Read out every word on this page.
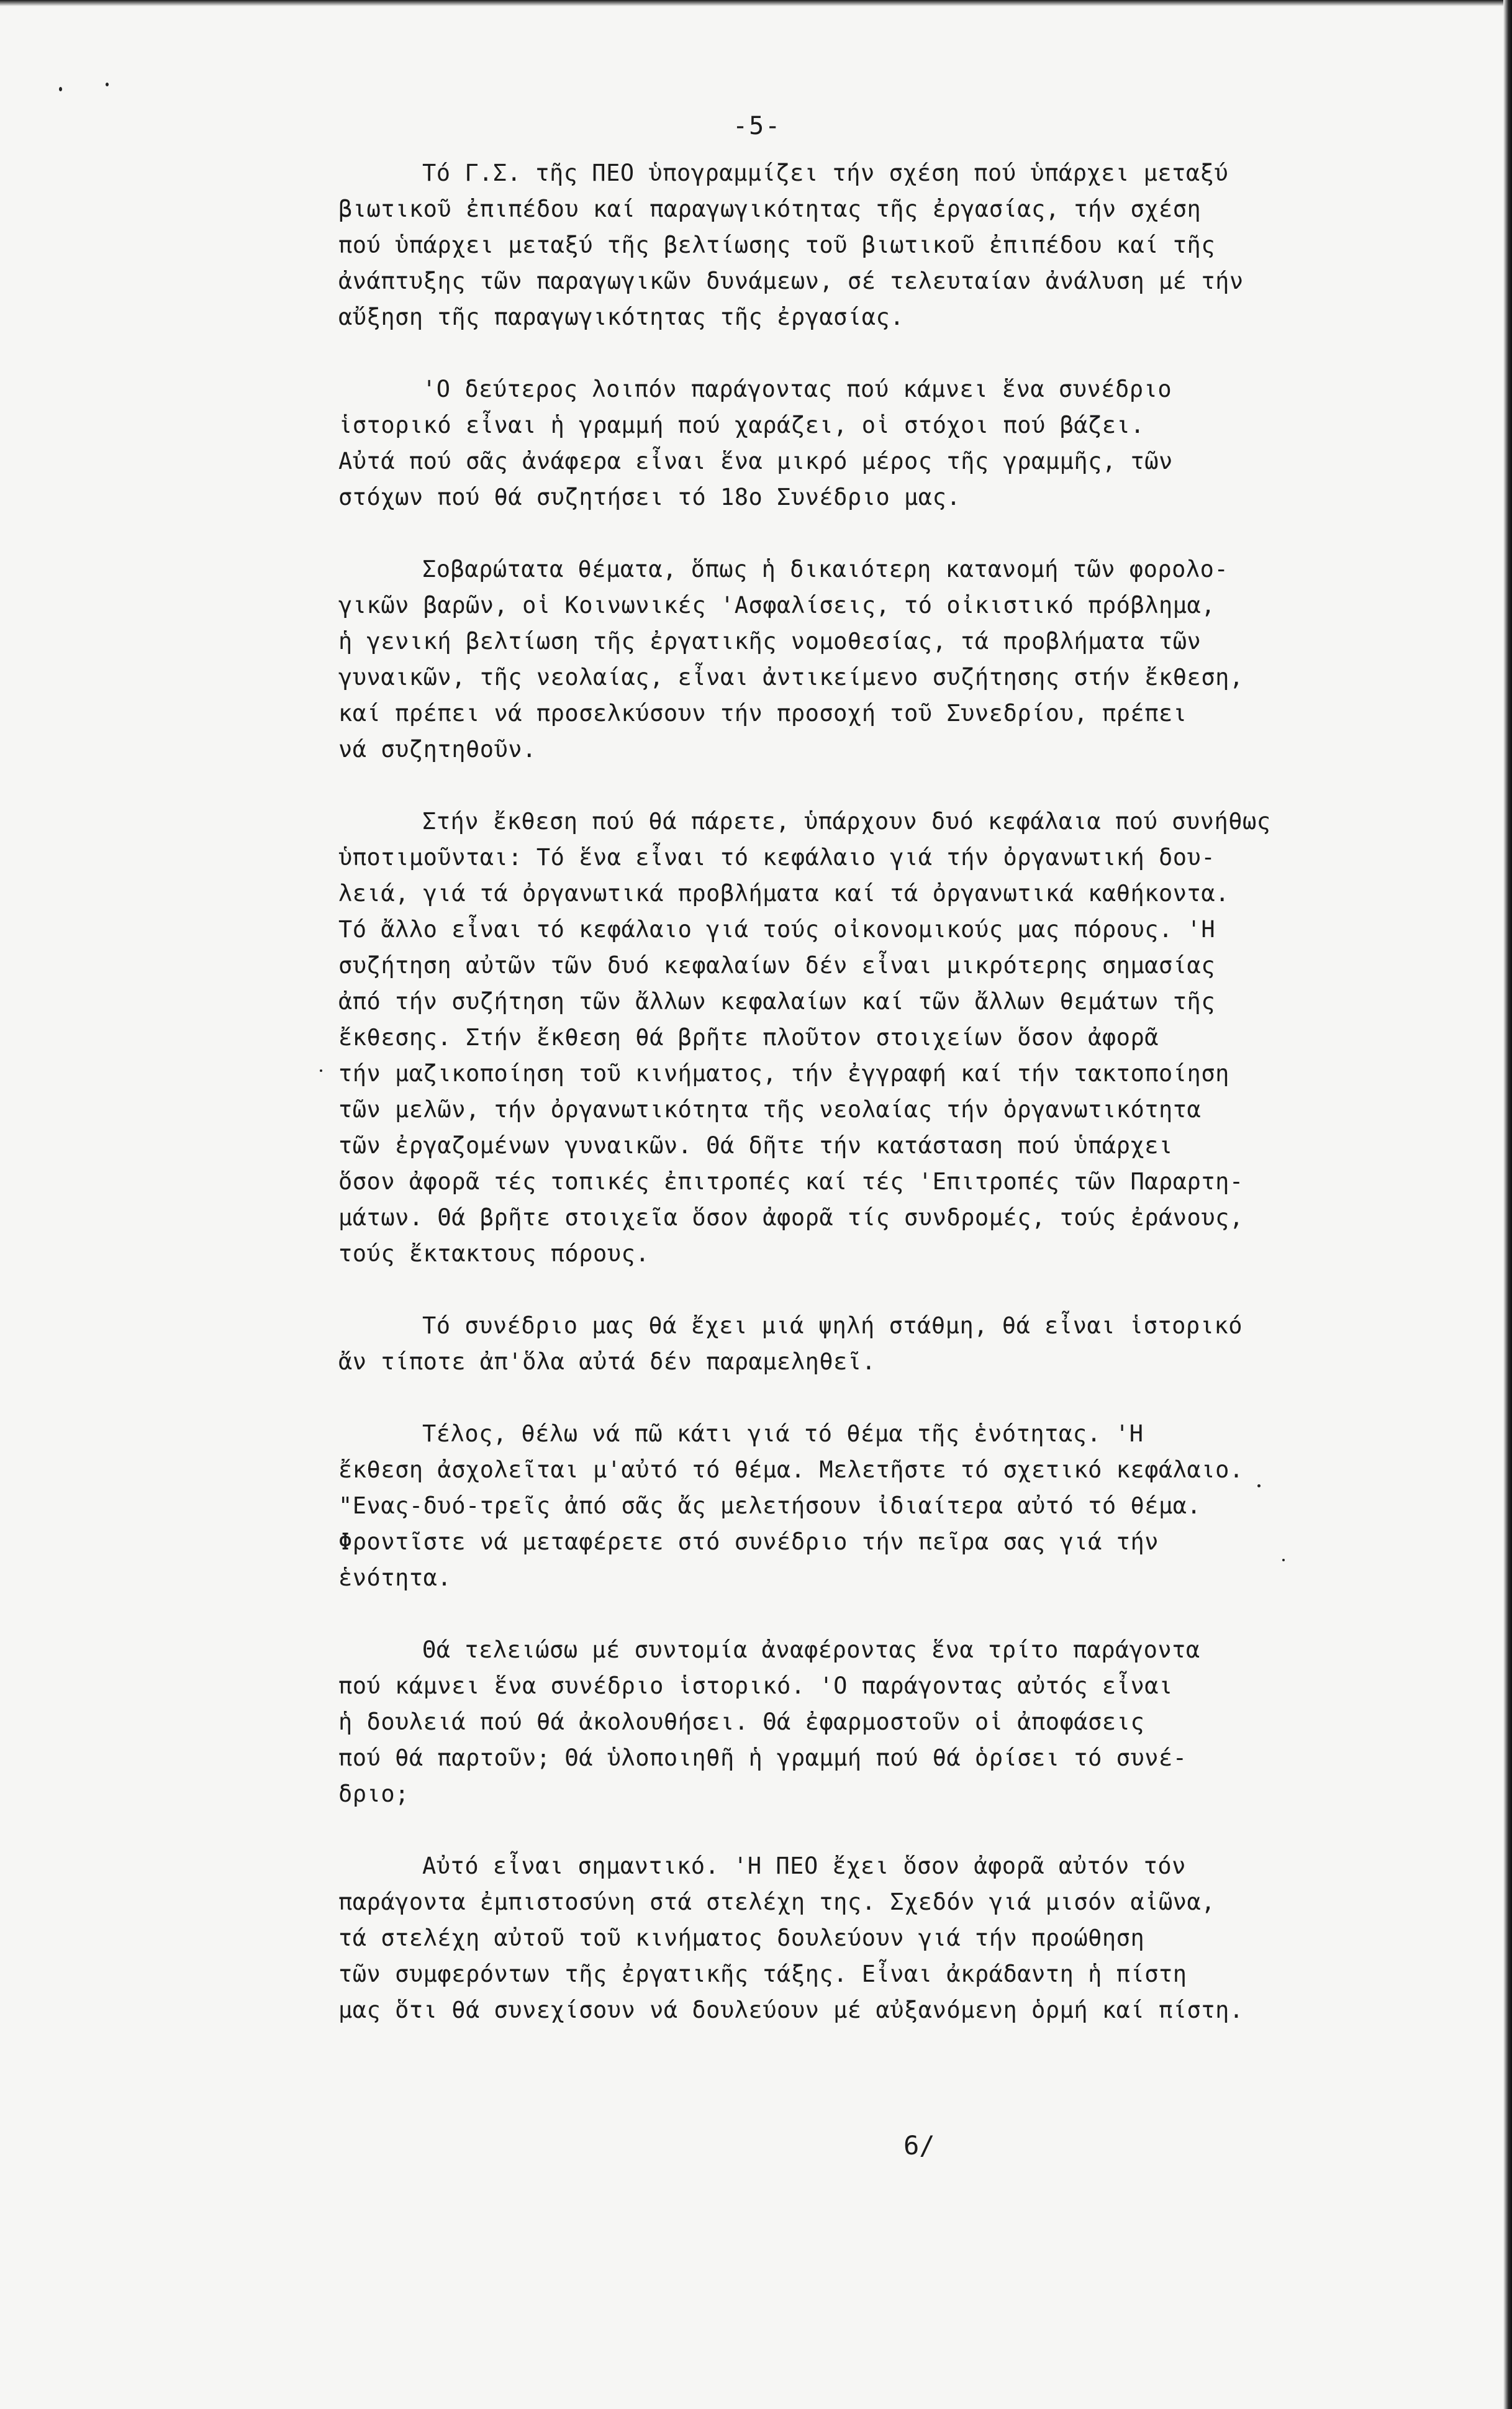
-5-
Τό Γ.Σ. τῆς ΠΕΟ ὑπογραμμίζει τήν σχέση πού ὑπάρχει μεταξύ
βιωτικοῦ ἐπιπέδου καί παραγωγικότητας τῆς ἐργασίας, τήν σχέση
πού ὑπάρχει μεταξύ τῆς βελτίωσης τοῦ βιωτικοῦ ἐπιπέδου καί τῆς
ἀνάπτυξης τῶν παραγωγικῶν δυνάμεων, σέ τελευταίαν ἀνάλυση μέ τήν
αὔξηση τῆς παραγωγικότητας τῆς ἐργασίας.
'Ο δεύτερος λοιπόν παράγοντας πού κάμνει ἕνα συνέδριο
ἱστορικό εἶναι ἡ γραμμή πού χαράζει, οἱ στόχοι πού βάζει.
Αὐτά πού σᾶς ἀνάφερα εἶναι ἕνα μικρό μέρος τῆς γραμμῆς, τῶν
στόχων πού θά συζητήσει τό 18ο Συνέδριο μας.
Σοβαρώτατα θέματα, ὅπως ἡ δικαιότερη κατανομή τῶν φορολο-
γικῶν βαρῶν, οἱ Κοινωνικές 'Ασφαλίσεις, τό οἰκιστικό πρόβλημα,
ἡ γενική βελτίωση τῆς ἐργατικῆς νομοθεσίας, τά προβλήματα τῶν
γυναικῶν, τῆς νεολαίας, εἶναι ἀντικείμενο συζήτησης στήν ἔκθεση,
καί πρέπει νά προσελκύσουν τήν προσοχή τοῦ Συνεδρίου, πρέπει
νά συζητηθοῦν.
Στήν ἔκθεση πού θά πάρετε, ὑπάρχουν δυό κεφάλαια πού συνήθως
ὑποτιμοῦνται: Τό ἕνα εἶναι τό κεφάλαιο γιά τήν ὀργανωτική δου-
λειά, γιά τά ὀργανωτικά προβλήματα καί τά ὀργανωτικά καθήκοντα.
Τό ἄλλο εἶναι τό κεφάλαιο γιά τούς οἰκονομικούς μας πόρους. 'Η
συζήτηση αὐτῶν τῶν δυό κεφαλαίων δέν εἶναι μικρότερης σημασίας
ἀπό τήν συζήτηση τῶν ἄλλων κεφαλαίων καί τῶν ἄλλων θεμάτων τῆς
ἔκθεσης. Στήν ἔκθεση θά βρῆτε πλοῦτον στοιχείων ὅσον ἀφορᾶ
τήν μαζικοποίηση τοῦ κινήματος, τήν ἐγγραφή καί τήν τακτοποίηση
τῶν μελῶν, τήν ὀργανωτικότητα τῆς νεολαίας τήν ὀργανωτικότητα
τῶν ἐργαζομένων γυναικῶν. Θά δῆτε τήν κατάσταση πού ὑπάρχει
ὅσον ἀφορᾶ τές τοπικές ἐπιτροπές καί τές 'Επιτροπές τῶν Παραρτη-
μάτων. Θά βρῆτε στοιχεῖα ὅσον ἀφορᾶ τίς συνδρομές, τούς ἐράνους,
τούς ἔκτακτους πόρους.
Τό συνέδριο μας θά ἔχει μιά ψηλή στάθμη, θά εἶναι ἱστορικό
ἄν τίποτε ἀπ'ὅλα αὐτά δέν παραμεληθεῖ.
Τέλος, θέλω νά πῶ κάτι γιά τό θέμα τῆς ἑνότητας. 'Η
ἔκθεση ἀσχολεῖται μ'αὐτό τό θέμα. Μελετῆστε τό σχετικό κεφάλαιο.
"Ενας-δυό-τρεῖς ἀπό σᾶς ἄς μελετήσουν ἰδιαίτερα αὐτό τό θέμα.
Φροντῖστε νά μεταφέρετε στό συνέδριο τήν πεῖρα σας γιά τήν
ἑνότητα.
Θά τελειώσω μέ συντομία ἀναφέροντας ἕνα τρίτο παράγοντα
πού κάμνει ἕνα συνέδριο ἱστορικό. 'Ο παράγοντας αὐτός εἶναι
ἡ δουλειά πού θά ἀκολουθήσει. Θά ἐφαρμοστοῦν οἱ ἀποφάσεις
πού θά παρτοῦν; Θά ὑλοποιηθῆ ἡ γραμμή πού θά ὁρίσει τό συνέ-
δριο;
Αὐτό εἶναι σημαντικό. 'Η ΠΕΟ ἔχει ὅσον ἀφορᾶ αὐτόν τόν
παράγοντα ἐμπιστοσύνη στά στελέχη της. Σχεδόν γιά μισόν αἰῶνα,
τά στελέχη αὐτοῦ τοῦ κινήματος δουλεύουν γιά τήν προώθηση
τῶν συμφερόντων τῆς ἐργατικῆς τάξης. Εἶναι ἀκράδαντη ἡ πίστη
μας ὅτι θά συνεχίσουν νά δουλεύουν μέ αὐξανόμενη ὁρμή καί πίστη.
6/
